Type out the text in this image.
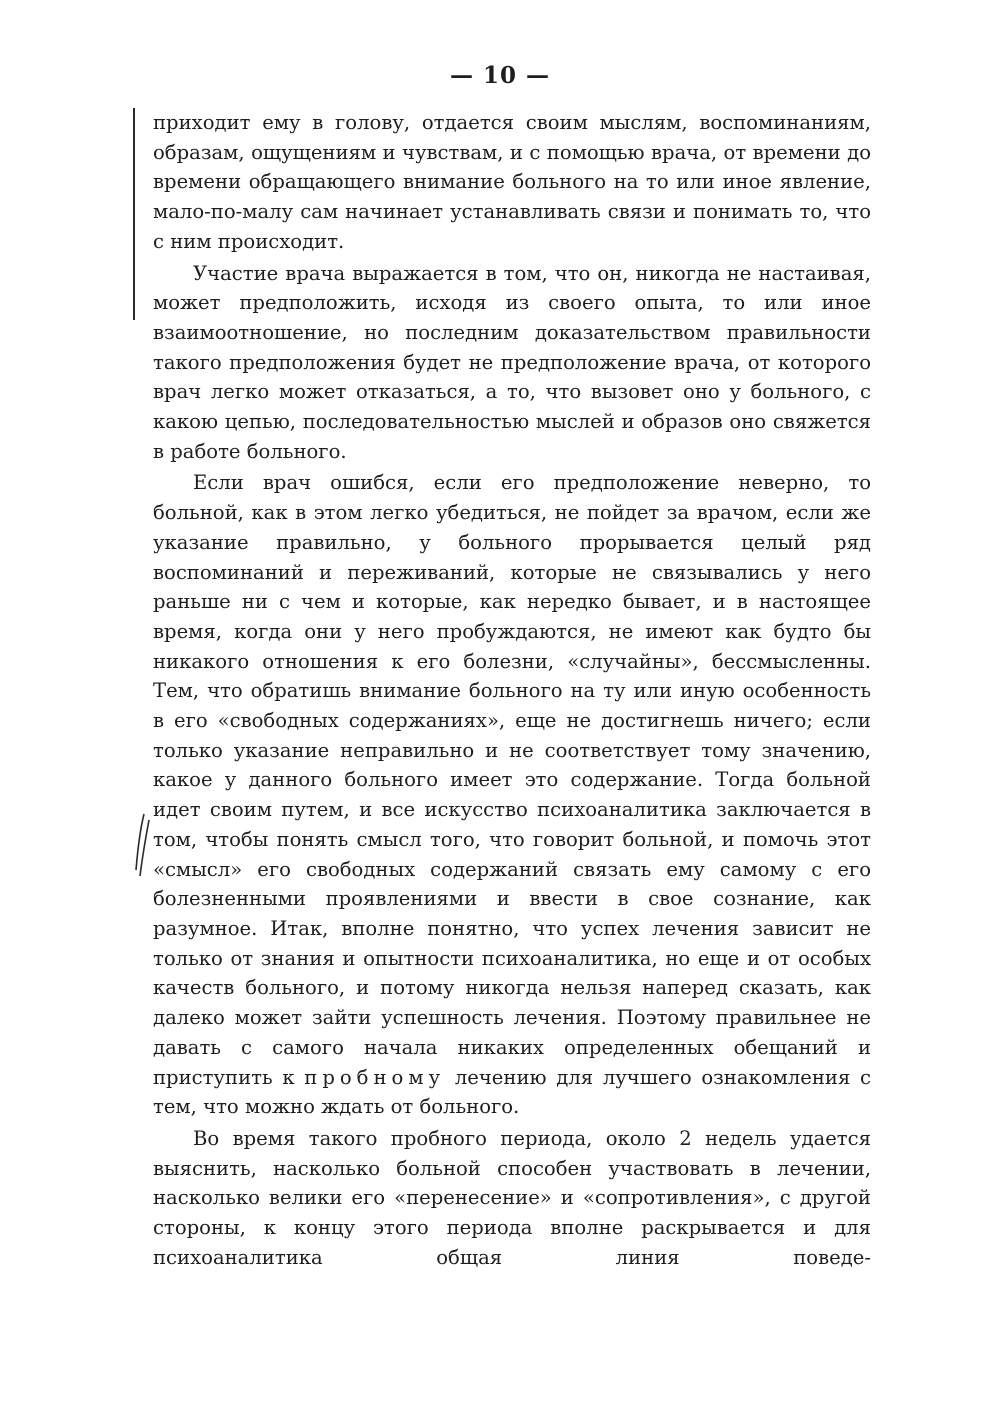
— 10 —

приходит ему в голову, отдается своим мыслям, воспоминаниям, образам, ощущениям и чувствам, и с помощью врача, от времени до времени обращающего внимание больного на то или иное явление, мало-по-малу сам начинает устанавливать связи и понимать то, что с ним происходит.

Участие врача выражается в том, что он, никогда не настаивая, может предположить, исходя из своего опыта, то или иное взаимоотношение, но последним доказательством правильности такого предположения будет не предположение врача, от которого врач легко может отказаться, а то, что вызовет оно у больного, с какою цепью, последовательностью мыслей и образов оно свяжется в работе больного.

Если врач ошибся, если его предположение неверно, то больной, как в этом легко убедиться, не пойдет за врачом, если же указание правильно, у больного прорывается целый ряд воспоминаний и переживаний, которые не связывались у него раньше ни с чем и которые, как нередко бывает, и в настоящее время, когда они у него пробуждаются, не имеют как будто бы никакого отношения к его болезни, «случайны», бессмысленны. Тем, что обратишь внимание больного на ту или иную особенность в его «свободных содержаниях», еще не достигнешь ничего; если только указание неправильно и не соответствует тому значению, какое у данного больного имеет это содержание. Тогда больной идет своим путем, и все искусство психоаналитика заключается в том, чтобы понять смысл того, что говорит больной, и помочь этот «смысл» его свободных содержаний связать ему самому с его болезненными проявлениями и ввести в свое сознание, как разумное. Итак, вполне понятно, что успех лечения зависит не только от знания и опытности психоаналитика, но еще и от особых качеств больного, и потому никогда нельзя наперед сказать, как далеко может зайти успешность лечения. Поэтому правильнее не давать с самого начала никаких определенных обещаний и приступить к пробному лечению для лучшего ознакомления с тем, что можно ждать от больного.

Во время такого пробного периода, около 2 недель удается выяснить, насколько больной способен участвовать в лечении, насколько велики его «перенесение» и «сопротивления», с другой стороны, к концу этого периода вполне раскрывается и для психоаналитика общая линия поведе-
